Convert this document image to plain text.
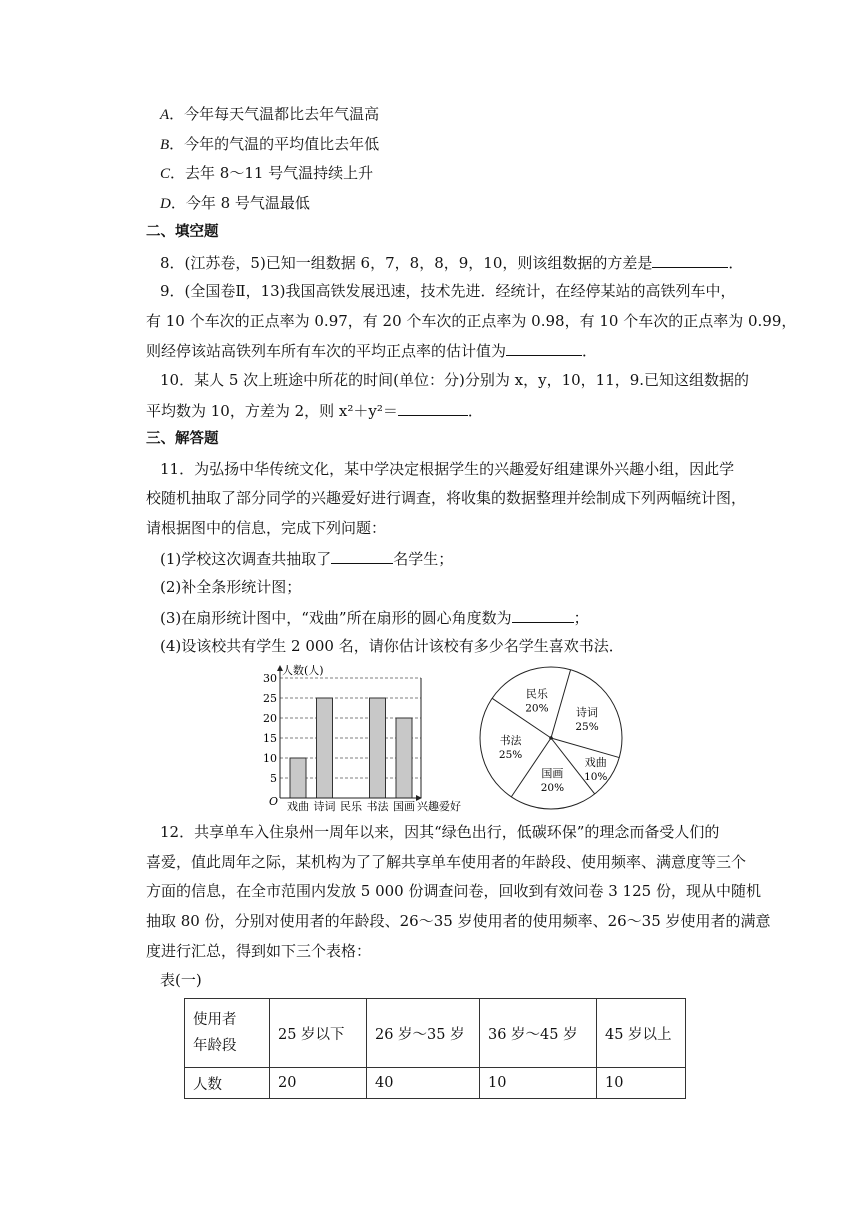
A．今年每天气温都比去年气温高
B．今年的气温的平均值比去年低
C．去年 8～11 号气温持续上升
D．今年 8 号气温最低
二、填空题
8．(江苏卷，5)已知一组数据 6，7，8，8，9，10，则该组数据的方差是	．
9．(全国卷Ⅱ，13)我国高铁发展迅速，技术先进．经统计，在经停某站的高铁列车中，
有 10 个车次的正点率为 0.97，有 20 个车次的正点率为 0.98，有 10 个车次的正点率为 0.99，
则经停该站高铁列车所有车次的平均正点率的估计值为	．
10．某人 5 次上班途中所花的时间(单位：分)分别为 x，y，10，11，9.已知这组数据的
平均数为 10，方差为 2，则 x²＋y²＝	．
三、解答题
11．为弘扬中华传统文化，某中学决定根据学生的兴趣爱好组建课外兴趣小组，因此学
校随机抽取了部分同学的兴趣爱好进行调查，将收集的数据整理并绘制成下列两幅统计图，
请根据图中的信息，完成下列问题：
(1)学校这次调查共抽取了	名学生；
(2)补全条形统计图；
(3)在扇形统计图中，“戏曲”所在扇形的圆心角度数为	；
(4)设该校共有学生 2 000 名，请你估计该校有多少名学生喜欢书法．
5
10
15
20
25
30
戏曲 诗词 民乐 书法 国画
人数(人)
O	兴趣爱好
民乐
20% 诗词
25%
戏曲
10%
国画
20%
书法
25%
12．共享单车入住泉州一周年以来，因其“绿色出行，低碳环保”的理念而备受人们的
喜爱，值此周年之际，某机构为了了解共享单车使用者的年龄段、使用频率、满意度等三个
方面的信息，在全市范围内发放 5 000 份调查问卷，回收到有效问卷 3 125 份，现从中随机
抽取 80 份，分别对使用者的年龄段、26～35 岁使用者的使用频率、26～35 岁使用者的满意
度进行汇总，得到如下三个表格：
表(一)
使用者
年龄段	25 岁以下	26 岁～35 岁	36 岁～45 岁	45 岁以上
人数	20	40	10	10
